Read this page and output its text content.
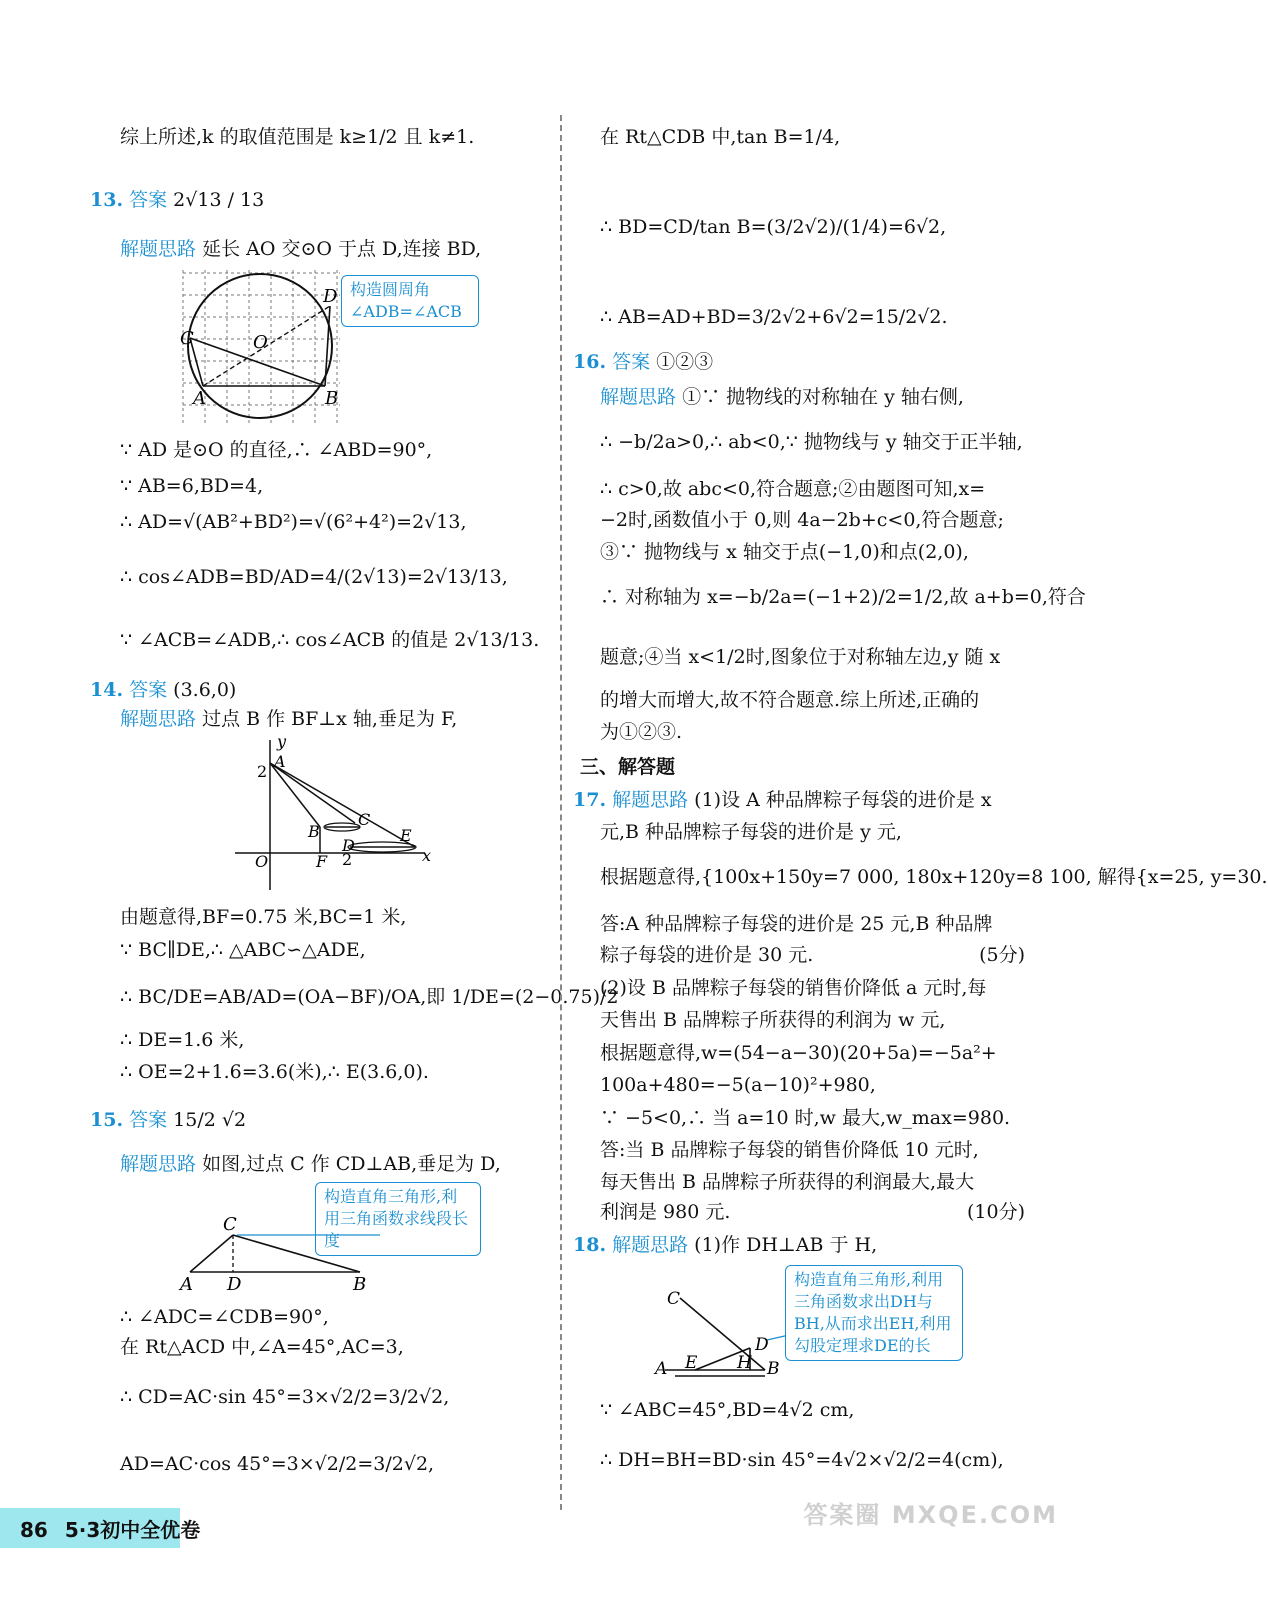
综上所述,k 的取值范围是 k≥1/2 且 k≠1.
13. 答案 2√13 / 13
解题思路 延长 AO 交⊙O 于点 D,连接 BD,
C
D
O
A	B
构造圆周角 ∠ADB=∠ACB
∵ AD 是⊙O 的直径,∴ ∠ABD=90°,
∵ AB=6,BD=4,
∴ AD=√(AB²+BD²)=√(6²+4²)=2√13,
∴ cos∠ADB=BD/AD=4/(2√13)=2√13/13,
∵ ∠ACB=∠ADB,∴ cos∠ACB 的值是 2√13/13.
14. 答案 (3.6,0)
解题思路 过点 B 作 BF⊥x 轴,垂足为 F,
y
x
A
2
C
B	E
O	F 2
D
由题意得,BF=0.75 米,BC=1 米,
∵ BC∥DE,∴ △ABC∽△ADE,
∴ BC/DE=AB/AD=(OA−BF)/OA,即 1/DE=(2−0.75)/2
∴ DE=1.6 米,
∴ OE=2+1.6=3.6(米),∴ E(3.6,0).
15. 答案 15/2 √2
解题思路 如图,过点 C 作 CD⊥AB,垂足为 D,
构造直角三角形,利用三角函数求线段长度
C
A D	B
∴ ∠ADC=∠CDB=90°,
在 Rt△ACD 中,∠A=45°,AC=3,
∴ CD=AC·sin 45°=3×√2/2=3/2√2,
AD=AC·cos 45°=3×√2/2=3/2√2,
在 Rt△CDB 中,tan B=1/4,
∴ BD=CD/tan B=(3/2√2)/(1/4)=6√2,
∴ AB=AD+BD=3/2√2+6√2=15/2√2.
16. 答案 ①②③
解题思路 ①∵ 抛物线的对称轴在 y 轴右侧,
∴ −b/2a>0,∴ ab<0,∵ 抛物线与 y 轴交于正半轴,
∴ c>0,故 abc<0,符合题意;②由题图可知,x=
−2时,函数值小于 0,则 4a−2b+c<0,符合题意;
③∵ 抛物线与 x 轴交于点(−1,0)和点(2,0),
∴ 对称轴为 x=−b/2a=(−1+2)/2=1/2,故 a+b=0,符合
题意;④当 x<1/2时,图象位于对称轴左边,y 随 x
的增大而增大,故不符合题意.综上所述,正确的
为①②③.
三、解答题
17. 解题思路 (1)设 A 种品牌粽子每袋的进价是 x
元,B 种品牌粽子每袋的进价是 y 元,
根据题意得,{100x+150y=7 000, 180x+120y=8 100, 解得{x=25, y=30.
答:A 种品牌粽子每袋的进价是 25 元,B 种品牌
粽子每袋的进价是 30 元.	(5分)
(2)设 B 品牌粽子每袋的销售价降低 a 元时,每
天售出 B 品牌粽子所获得的利润为 w 元,
根据题意得,w=(54−a−30)(20+5a)=−5a²+
100a+480=−5(a−10)²+980,
∵ −5<0,∴ 当 a=10 时,w 最大,w_max=980.
答:当 B 品牌粽子每袋的销售价降低 10 元时,
每天售出 B 品牌粽子所获得的利润最大,最大
利润是 980 元.	(10分)
18. 解题思路 (1)作 DH⊥AB 于 H,
C
D
A E H B
构造直角三角形,利用三角函数求出DH与BH,从而求出EH,利用勾股定理求DE的长
∵ ∠ABC=45°,BD=4√2 cm,
∴ DH=BH=BD·sin 45°=4√2×√2/2=4(cm),
86 5·3初中全优卷
答案圈 MXQE.COM
